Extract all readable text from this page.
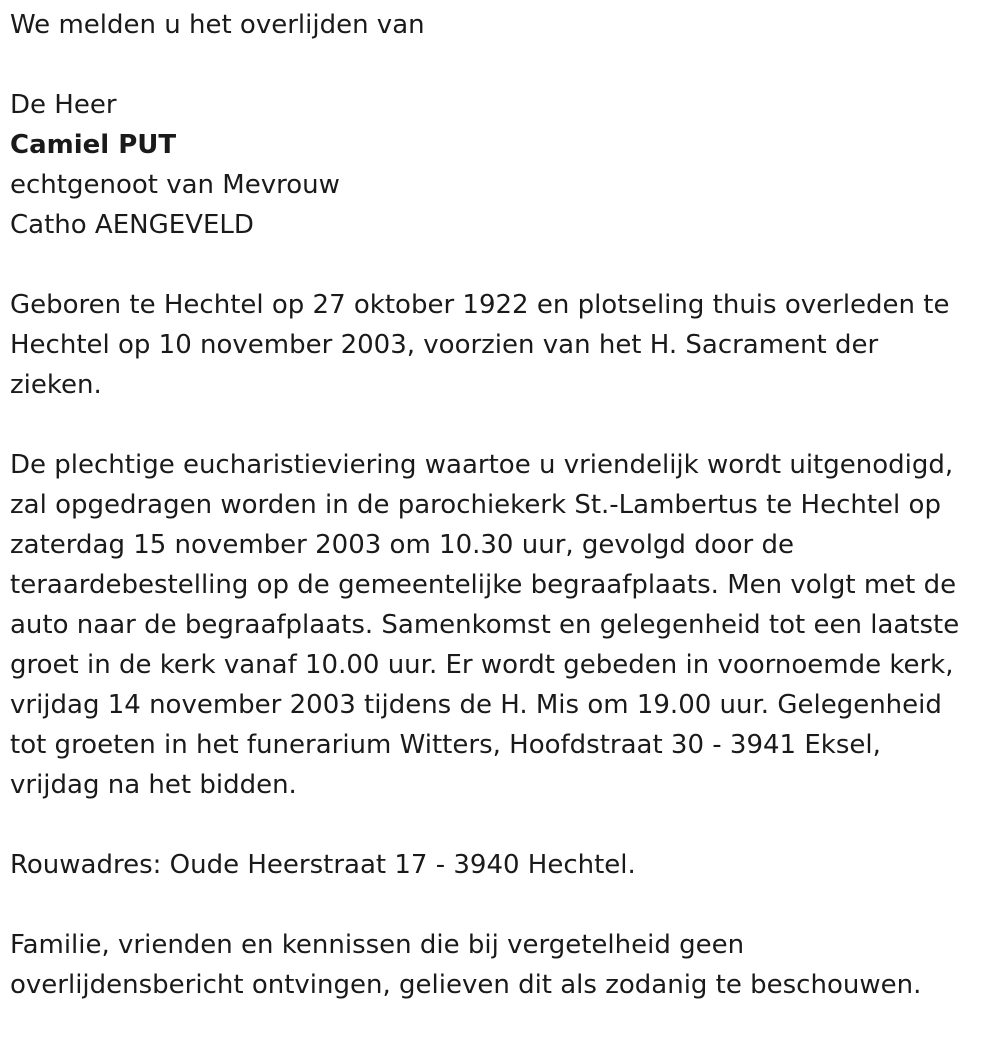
We melden u het overlijden van
De Heer
Camiel PUT
echtgenoot van Mevrouw
Catho AENGEVELD
Geboren te Hechtel op 27 oktober 1922 en plotseling thuis overleden te
Hechtel op 10 november 2003, voorzien van het H. Sacrament der
zieken.
De plechtige eucharistieviering waartoe u vriendelijk wordt uitgenodigd,
zal opgedragen worden in de parochiekerk St.-Lambertus te Hechtel op
zaterdag 15 november 2003 om 10.30 uur, gevolgd door de
teraardebestelling op de gemeentelijke begraafplaats. Men volgt met de
auto naar de begraafplaats. Samenkomst en gelegenheid tot een laatste
groet in de kerk vanaf 10.00 uur. Er wordt gebeden in voornoemde kerk,
vrijdag 14 november 2003 tijdens de H. Mis om 19.00 uur. Gelegenheid
tot groeten in het funerarium Witters, Hoofdstraat 30 - 3941 Eksel,
vrijdag na het bidden.
Rouwadres: Oude Heerstraat 17 - 3940 Hechtel.
Familie, vrienden en kennissen die bij vergetelheid geen
overlijdensbericht ontvingen, gelieven dit als zodanig te beschouwen.
